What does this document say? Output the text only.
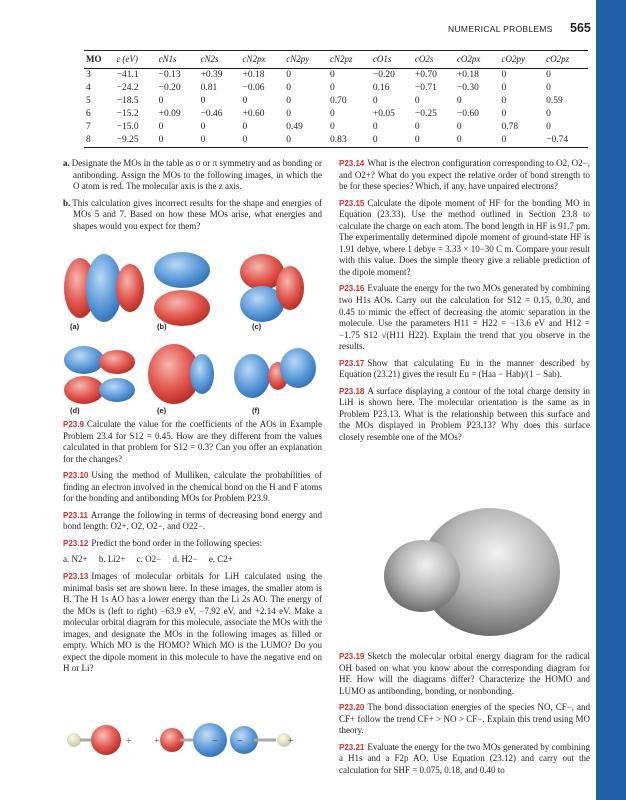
NUMERICAL PROBLEMS 565
MO	ε (eV)	cN1s	cN2s	cN2px	cN2py	cN2pz	cO1s	cO2s	cO2px	cO2py	cO2pz
3	−41.1	−0.13	+0.39	+0.18	0	0	−0.20	+0.70	+0.18	0	0
4	−24.2	−0.20	0.81	−0.06	0	0	0.16	−0.71	−0.30	0	0
5	−18.5	0	0	0	0	0.70	0	0	0	0	0.59
6	−15.2	+0.09	−0.46	+0.60	0	0	+0.05	−0.25	−0.60	0	0
7	−15.0	0	0	0	0.49	0	0	0	0	0.78	0
8	−9.25	0	0	0	0	0.83	0	0	0	0	−0.74

a. Designate the MOs in the table as σ or π symmetry and as bonding or antibonding. Assign the MOs to the following images, in which the O atom is red. The molecular axis is the z axis.

b. This calculation gives incorrect results for the shape and energies of MOs 5 and 7. Based on how these MOs arise, what energies and shapes would you expect for them?

(a)	(b)	(c)
(d)	(e)	(f)

P23.9 Calculate the value for the coefficients of the AOs in Example Problem 23.4 for S12 = 0.45. How are they different from the values calculated in that problem for S12 = 0.3? Can you offer an explanation for the changes?

P23.10 Using the method of Mulliken, calculate the probabilities of finding an electron involved in the chemical bond on the H and F atoms for the bonding and antibonding MOs for Problem P23.9.

P23.11 Arrange the following in terms of decreasing bond energy and bond length: O2+, O2, O2−, and O22−.

P23.12 Predict the bond order in the following species:

a. N2+ b. Li2+ c. O2− d. H2− e. C2+

P23.13 Images of molecular orbitals for LiH calculated using the minimal basis set are shown here. In these images, the smaller atom is H. The H 1s AO has a lower energy than the Li 2s AO. The energy of the MOs is (left to right) −63.9 eV, −7.92 eV, and +2.14 eV. Make a molecular orbital diagram for this molecule, associate the MOs with the images, and designate the MOs in the following images as filled or empty. Which MO is the HOMO? Which MO is the LUMO? Do you expect the dipole moment in this molecule to have the negative end on H or Li?

+ +	− −	+

P23.14 What is the electron configuration corresponding to O2, O2−, and O2+? What do you expect the relative order of bond strength to be for these species? Which, if any, have unpaired electrons?

P23.15 Calculate the dipole moment of HF for the bonding MO in Equation (23.33). Use the method outlined in Section 23.8 to calculate the charge on each atom. The bond length in HF is 91.7 pm. The experimentally determined dipole moment of ground-state HF is 1.91 debye, where 1 debye = 3.33 × 10−30 C m. Compare your result with this value. Does the simple theory give a reliable prediction of the dipole moment?

P23.16 Evaluate the energy for the two MOs generated by combining two H1s AOs. Carry out the calculation for S12 = 0.15, 0.30, and 0.45 to mimic the effect of decreasing the atomic separation in the molecule. Use the parameters H11 = H22 = −13.6 eV and H12 = −1.75 S12 √(H11 H22). Explain the trend that you observe in the results.

P23.17 Show that calculating Eu in the manner described by Equation (23.21) gives the result Eu = (Haa − Hab)/(1 − Sab).

P23.18 A surface displaying a contour of the total charge density in LiH is shown here. The molecular orientation is the same as in Problem P23.13. What is the relationship between this surface and the MOs displayed in Problem P23.13? Why does this surface closely resemble one of the MOs?

P23.19 Sketch the molecular orbital energy diagram for the radical OH based on what you know about the corresponding diagram for HF. How will the diagrams differ? Characterize the HOMO and LUMO as antibonding, bonding, or nonbonding.

P23.20 The bond dissociation energies of the species NO, CF−, and CF+ follow the trend CF+ > NO > CF−. Explain this trend using MO theory.

P23.21 Evaluate the energy for the two MOs generated by combining a H1s and a F2p AO. Use Equation (23.12) and carry out the calculation for SHF = 0.075, 0.18, and 0.40 to
